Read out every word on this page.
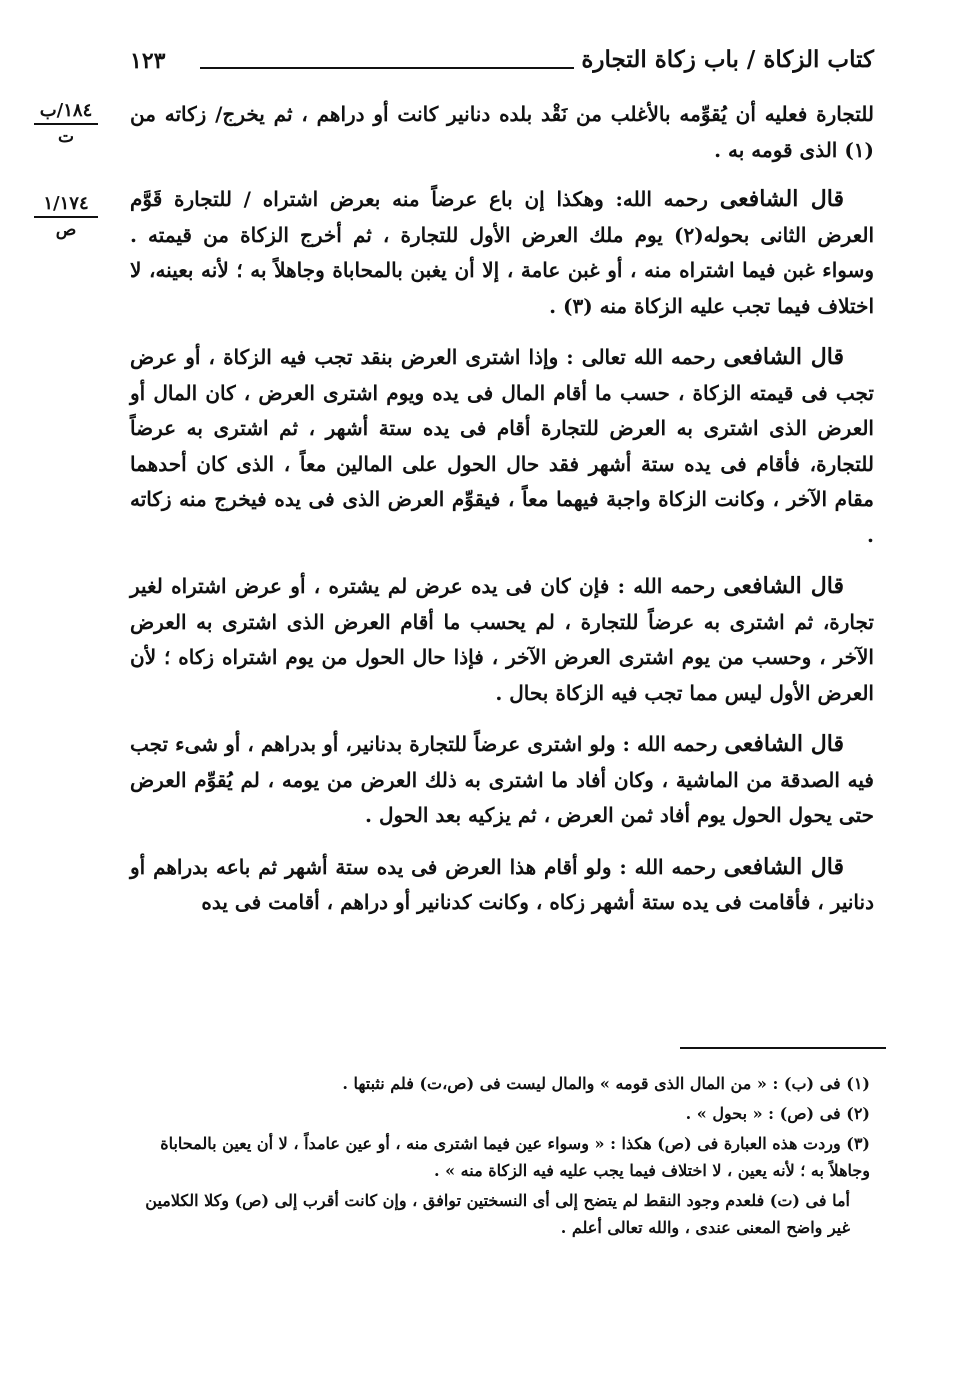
كتاب الزكاة / باب زكاة التجارة
١٢٣
١٨٤/ب
ت
١/١٧٤
ص

للتجارة فعليه أن يُقوِّمه بالأغلب من نَقْد بلده دنانير كانت أو دراهم ، ثم يخرج/ زكاته من (١) الذى قومه به .

قال الشافعى رحمه الله: وهكذا إن باع عرضاً منه بعرض اشتراه / للتجارة قَوَّم العرض الثانى بحوله(٢) يوم ملك العرض الأول للتجارة ، ثم أخرج الزكاة من قيمته . وسواء غبن فيما اشتراه منه ، أو غبن عامة ، إلا أن يغبن بالمحاباة وجاهلاً به ؛ لأنه بعينه، لا اختلاف فيما تجب عليه الزكاة منه (٣) .

قال الشافعى رحمه الله تعالى : وإذا اشترى العرض بنقد تجب فيه الزكاة ، أو عرض تجب فى قيمته الزكاة ، حسب ما أقام المال فى يده ويوم اشترى العرض ، كان المال أو العرض الذى اشترى به العرض للتجارة أقام فى يده ستة أشهر ، ثم اشترى به عرضاً للتجارة، فأقام فى يده ستة أشهر فقد حال الحول على المالين معاً ، الذى كان أحدهما مقام الآخر ، وكانت الزكاة واجبة فيهما معاً ، فيقوِّم العرض الذى فى يده فيخرج منه زكاته .

قال الشافعى رحمه الله : فإن كان فى يده عرض لم يشتره ، أو عرض اشتراه لغير تجارة، ثم اشترى به عرضاً للتجارة ، لم يحسب ما أقام العرض الذى اشترى به العرض الآخر ، وحسب من يوم اشترى العرض الآخر ، فإذا حال الحول من يوم اشتراه زكاه ؛ لأن العرض الأول ليس مما تجب فيه الزكاة بحال .

قال الشافعى رحمه الله : ولو اشترى عرضاً للتجارة بدنانير، أو بدراهم ، أو شىء تجب فيه الصدقة من الماشية ، وكان أفاد ما اشترى به ذلك العرض من يومه ، لم يُقوِّم العرض حتى يحول الحول يوم أفاد ثمن العرض ، ثم يزكيه بعد الحول .

قال الشافعى رحمه الله : ولو أقام هذا العرض فى يده ستة أشهر ثم باعه بدراهم أو دنانير ، فأقامت فى يده ستة أشهر زكاه ، وكانت كدنانير أو دراهم ، أقامت فى يده

(١) فى (ب) : « من المال الذى قومه » والمال ليست فى (ص،ت) فلم نثبتها .

(٢) فى (ص) : « بحول » .

(٣) وردت هذه العبارة فى (ص) هكذا : « وسواء عين فيما اشترى منه ، أو عين عامداً ، لا أن يعين بالمحاباة وجاهلاً به ؛ لأنه يعين ، لا اختلاف فيما يجب عليه فيه الزكاة منه » .

أما فى (ت) فلعدم وجود النقط لم يتضح إلى أى النسختين توافق ، وإن كانت أقرب إلى (ص) وكلا الكلامين غير واضح المعنى عندى ، والله تعالى أعلم .
